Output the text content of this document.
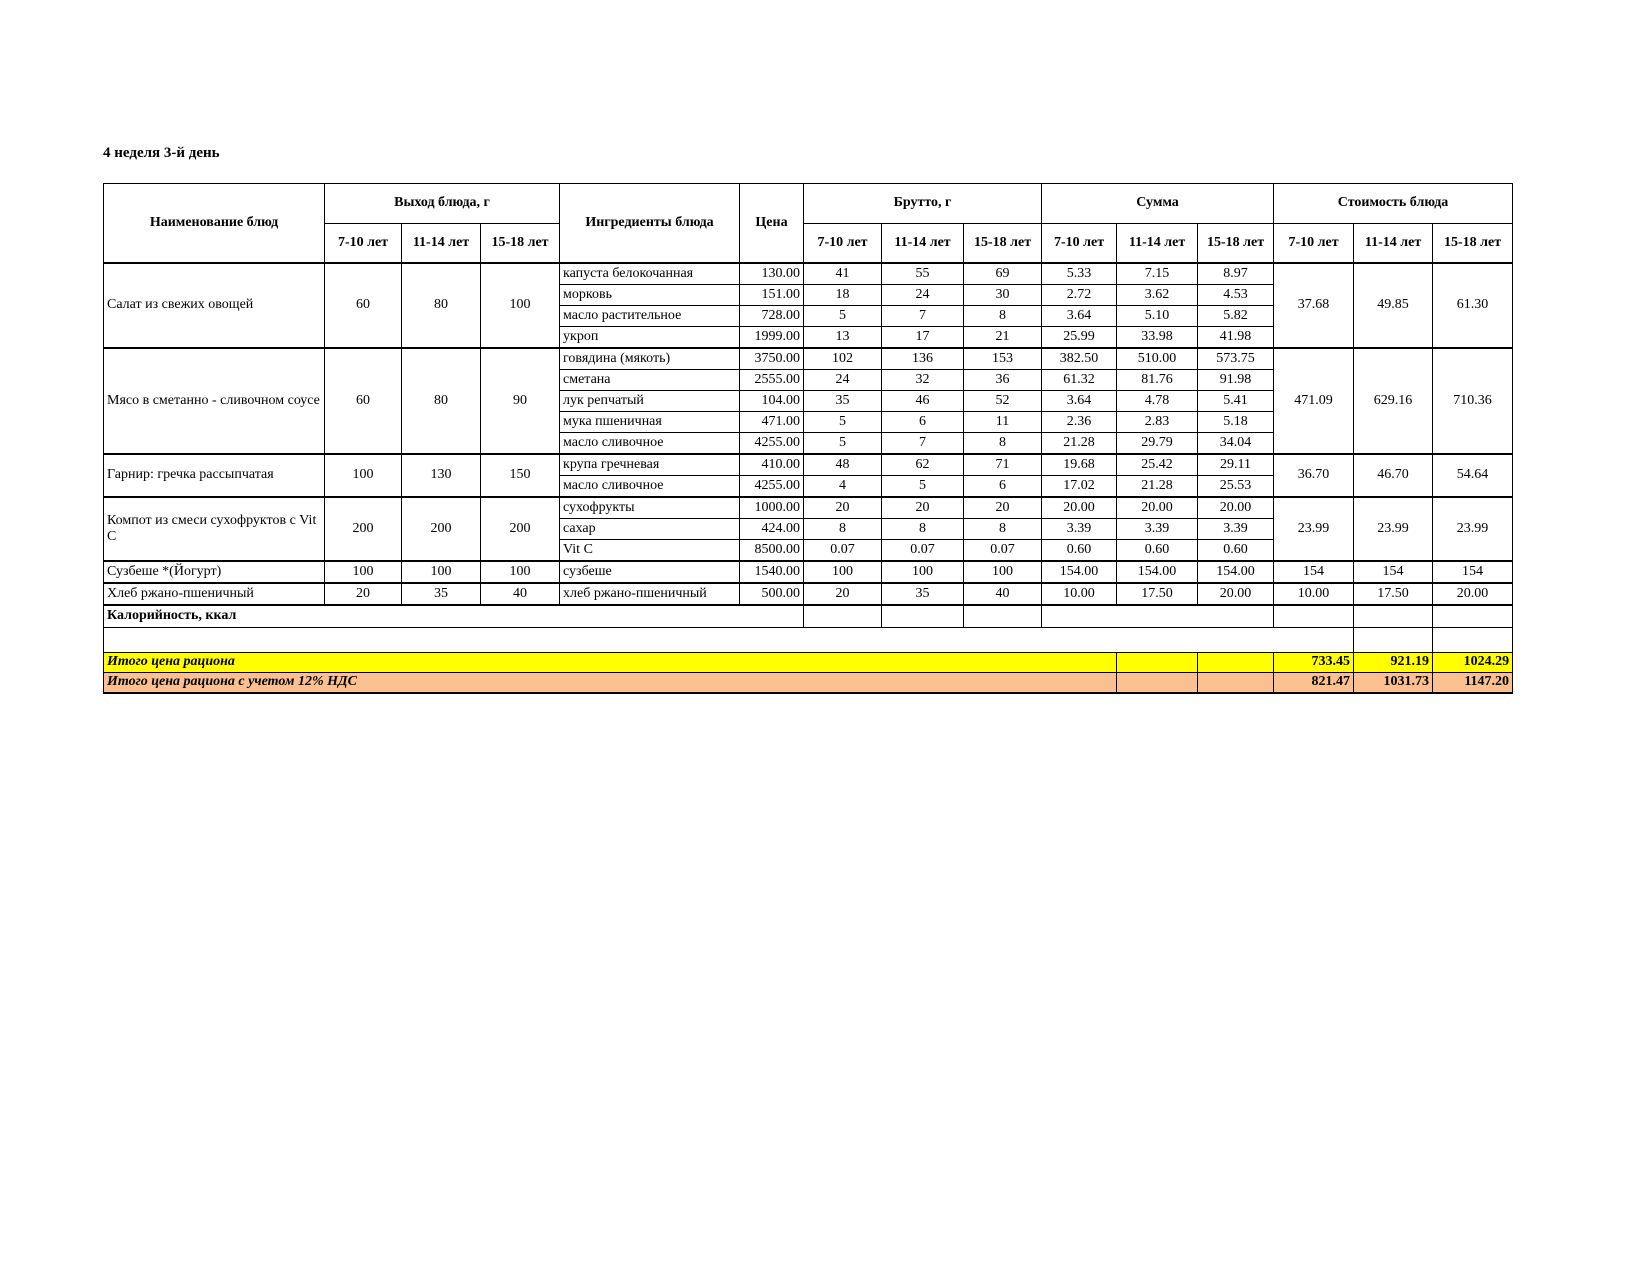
4 неделя 3-й день
Наименование блюд	Выход блюда, г			Ингредиенты блюда	Цена	Брутто, г			Сумма			Стоимость блюда		
	7-10 лет	11-14 лет	15-18 лет			7-10 лет	11-14 лет	15-18 лет	7-10 лет	11-14 лет	15-18 лет	7-10 лет	11-14 лет	15-18 лет
Салат из свежих овощей	60	80	100	капуста белокочанная	130.00	41	55	69	5.33	7.15	8.97	37.68	49.85	61.30
				морковь	151.00	18	24	30	2.72	3.62	4.53			
				масло растительное	728.00	5	7	8	3.64	5.10	5.82			
				укроп	1999.00	13	17	21	25.99	33.98	41.98			
Мясо в сметанно - сливочном соусе	60	80	90	говядина (мякоть)	3750.00	102	136	153	382.50	510.00	573.75	471.09	629.16	710.36
				сметана	2555.00	24	32	36	61.32	81.76	91.98			
				лук репчатый	104.00	35	46	52	3.64	4.78	5.41			
				мука пшеничная	471.00	5	6	11	2.36	2.83	5.18			
				масло сливочное	4255.00	5	7	8	21.28	29.79	34.04			
Гарнир: гречка рассыпчатая	100	130	150	крупа гречневая	410.00	48	62	71	19.68	25.42	29.11	36.70	46.70	54.64
				масло сливочное	4255.00	4	5	6	17.02	21.28	25.53			
Компот из смеси сухофруктов с Vit C	200	200	200	сухофрукты	1000.00	20	20	20	20.00	20.00	20.00	23.99	23.99	23.99
				сахар	424.00	8	8	8	3.39	3.39	3.39			
				Vit C	8500.00	0.07	0.07	0.07	0.60	0.60	0.60			
Сузбеше *(Йогурт)	100	100	100	сузбеше	1540.00	100	100	100	154.00	154.00	154.00	154	154	154
Хлеб ржано-пшеничный	20	35	40	хлеб ржано-пшеничный	500.00	20	35	40	10.00	17.50	20.00	10.00	17.50	20.00
Калорийность, ккал														

Итого цена рациона												733.45	921.19	1024.29
Итого цена рациона с учетом 12% НДС												821.47	1031.73	1147.20
